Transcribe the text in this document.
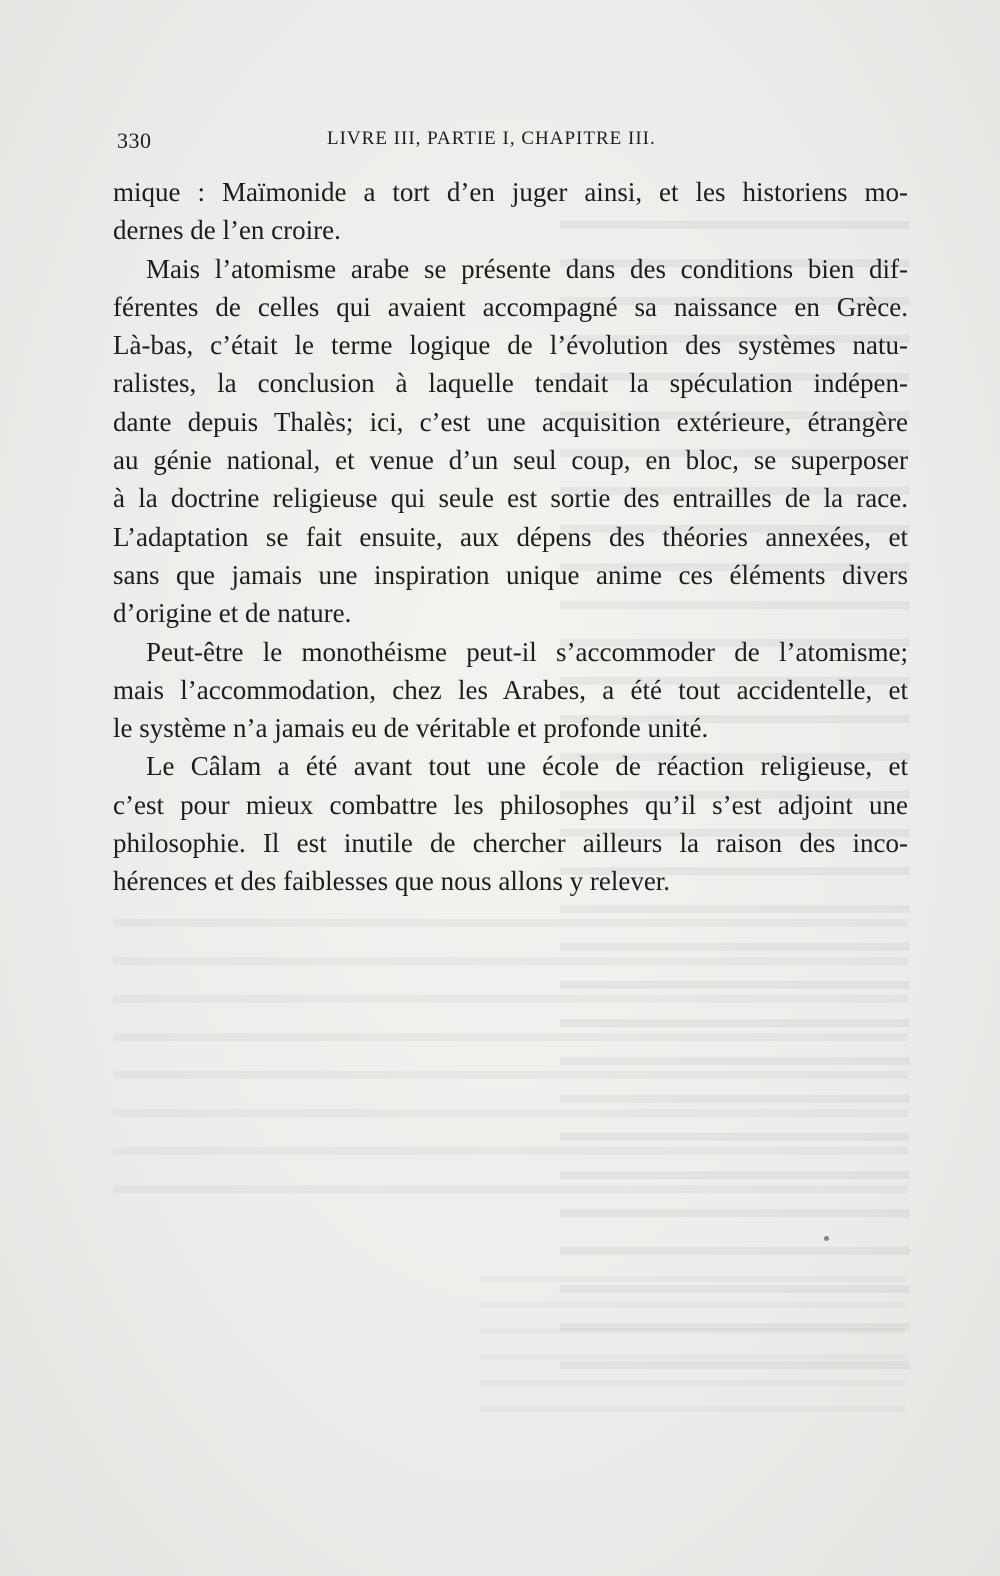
330	LIVRE III, PARTIE I, CHAPITRE III.
mique : Maïmonide a tort d’en juger ainsi, et les historiens mo-
dernes de l’en croire.
Mais l’atomisme arabe se présente dans des conditions bien dif-
férentes de celles qui avaient accompagné sa naissance en Grèce.
Là-bas, c’était le terme logique de l’évolution des systèmes natu-
ralistes, la conclusion à laquelle tendait la spéculation indépen-
dante depuis Thalès; ici, c’est une acquisition extérieure, étrangère
au génie national, et venue d’un seul coup, en bloc, se superposer
à la doctrine religieuse qui seule est sortie des entrailles de la race.
L’adaptation se fait ensuite, aux dépens des théories annexées, et
sans que jamais une inspiration unique anime ces éléments divers
d’origine et de nature.
Peut-être le monothéisme peut-il s’accommoder de l’atomisme;
mais l’accommodation, chez les Arabes, a été tout accidentelle, et
le système n’a jamais eu de véritable et profonde unité.
Le Câlam a été avant tout une école de réaction religieuse, et
c’est pour mieux combattre les philosophes qu’il s’est adjoint une
philosophie. Il est inutile de chercher ailleurs la raison des inco-
hérences et des faiblesses que nous allons y relever.
